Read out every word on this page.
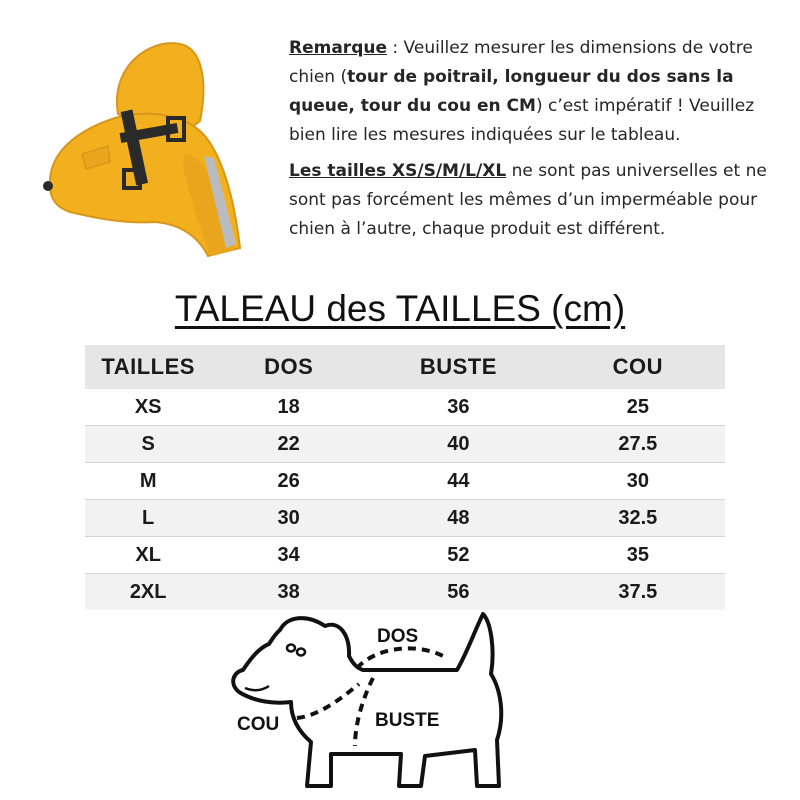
Remarque : Veuillez mesurer les dimensions de votre chien (tour de poitrail, longueur du dos sans la queue, tour du cou en CM) c’est impératif ! Veuillez bien lire les mesures indiquées sur le tableau.

Les tailles XS/S/M/L/XL ne sont pas universelles et ne sont pas forcément les mêmes d’un imperméable pour chien à l’autre, chaque produit est différent.

TALEAU des TAILLES (cm)
TAILLES	DOS	BUSTE	COU
XS	18	36	25
S	22	40	27.5
M	26	44	30
L	30	48	32.5
XL	34	52	35
2XL	38	56	37.5
DOS
COU	BUSTE
